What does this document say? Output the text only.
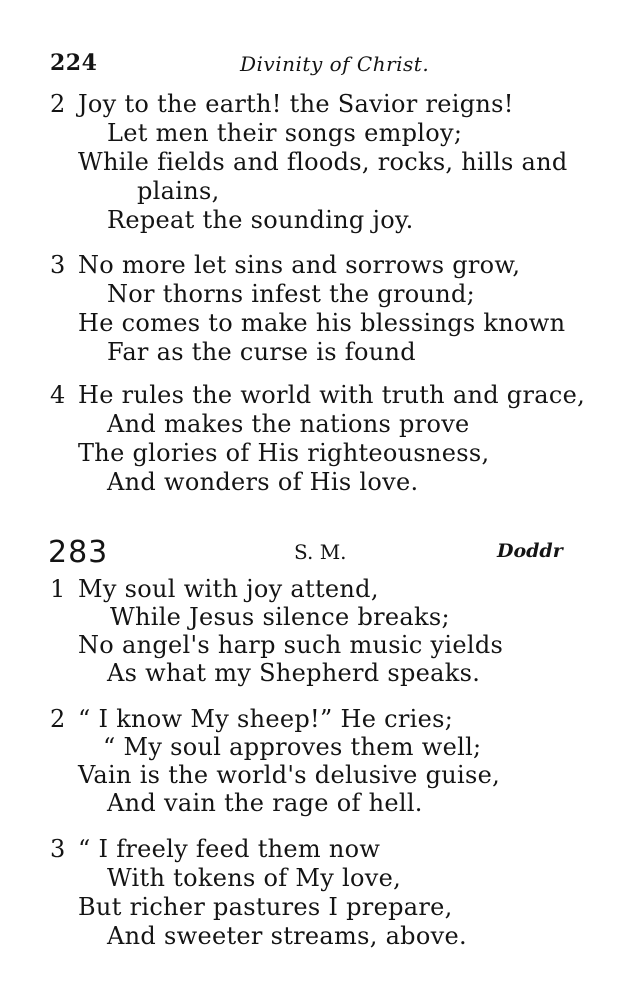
224	Divinity of Christ.
2 Joy to the earth! the Savior reigns!
Let men their songs employ;
While fields and floods, rocks, hills and
plains,
Repeat the sounding joy.
3 No more let sins and sorrows grow,
Nor thorns infest the ground;
He comes to make his blessings known
Far as the curse is found
4 He rules the world with truth and grace,
And makes the nations prove
The glories of His righteousness,
And wonders of His love.
283	S. M.	Doddr
1 My soul with joy attend,
While Jesus silence breaks;
No angel's harp such music yields
As what my Shepherd speaks.
2 “ I know My sheep!” He cries;
“ My soul approves them well;
Vain is the world's delusive guise,
And vain the rage of hell.
3 “ I freely feed them now
With tokens of My love,
But richer pastures I prepare,
And sweeter streams, above.
